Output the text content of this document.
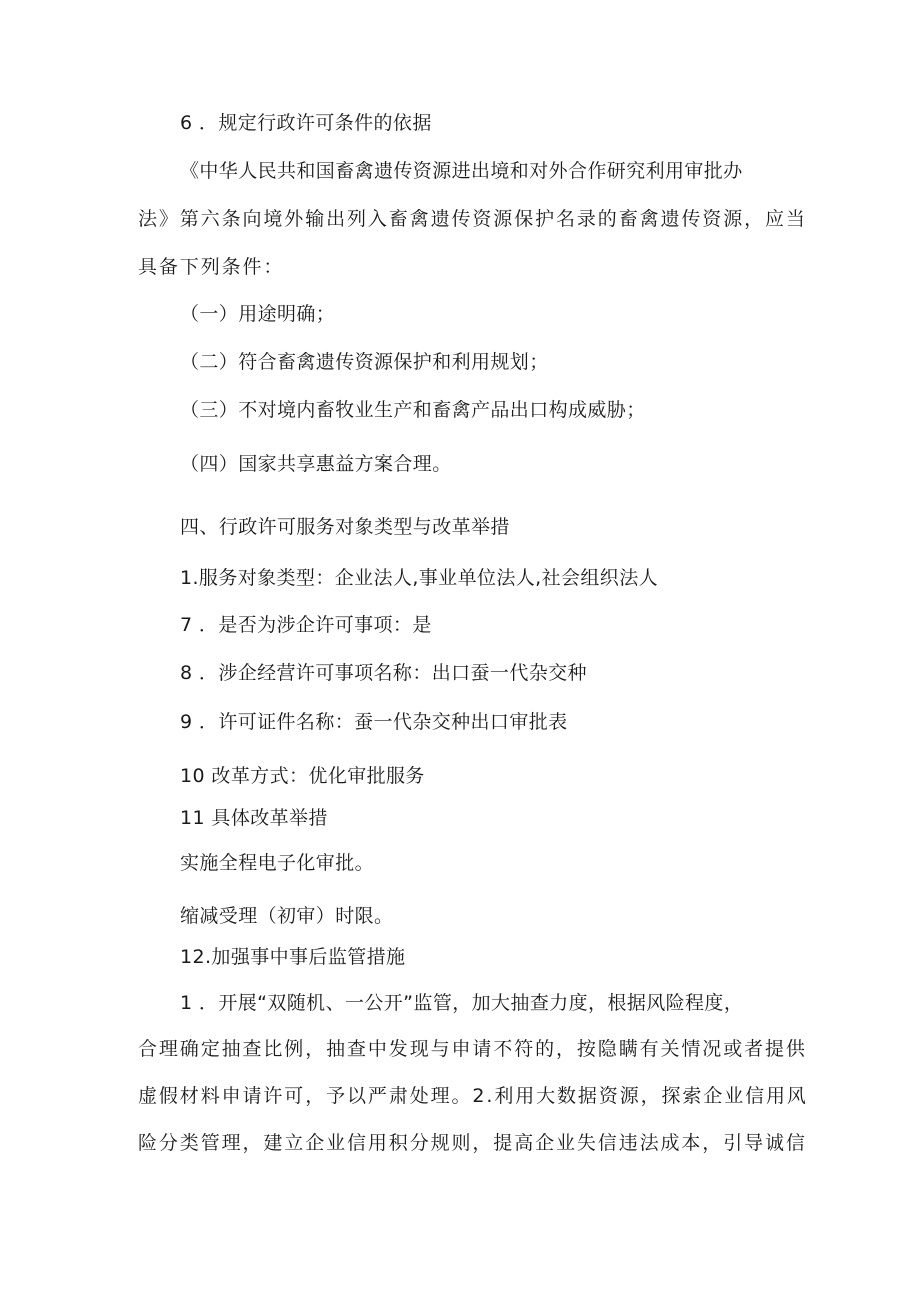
6 ．规定行政许可条件的依据
《中华人民共和国畜禽遗传资源进出境和对外合作研究利用审批办
法》第六条向境外输出列入畜禽遗传资源保护名录的畜禽遗传资源，应当
具备下列条件：
（一）用途明确；
（二）符合畜禽遗传资源保护和利用规划；
（三）不对境内畜牧业生产和畜禽产品出口构成威胁；
（四）国家共享惠益方案合理。
四、行政许可服务对象类型与改革举措
1.服务对象类型：企业法人,事业单位法人,社会组织法人
7 ．是否为涉企许可事项：是
8 ．涉企经营许可事项名称：出口蚕一代杂交种
9 ．许可证件名称：蚕一代杂交种出口审批表
10 改革方式：优化审批服务
11 具体改革举措
实施全程电子化审批。
缩减受理（初审）时限。
12.加强事中事后监管措施
1 ．开展“双随机、一公开”监管，加大抽查力度，根据风险程度，
合理确定抽查比例，抽查中发现与申请不符的，按隐瞒有关情况或者提供
虚假材料申请许可，予以严肃处理。2.利用大数据资源，探索企业信用风
险分类管理，建立企业信用积分规则，提高企业失信违法成本，引导诚信
